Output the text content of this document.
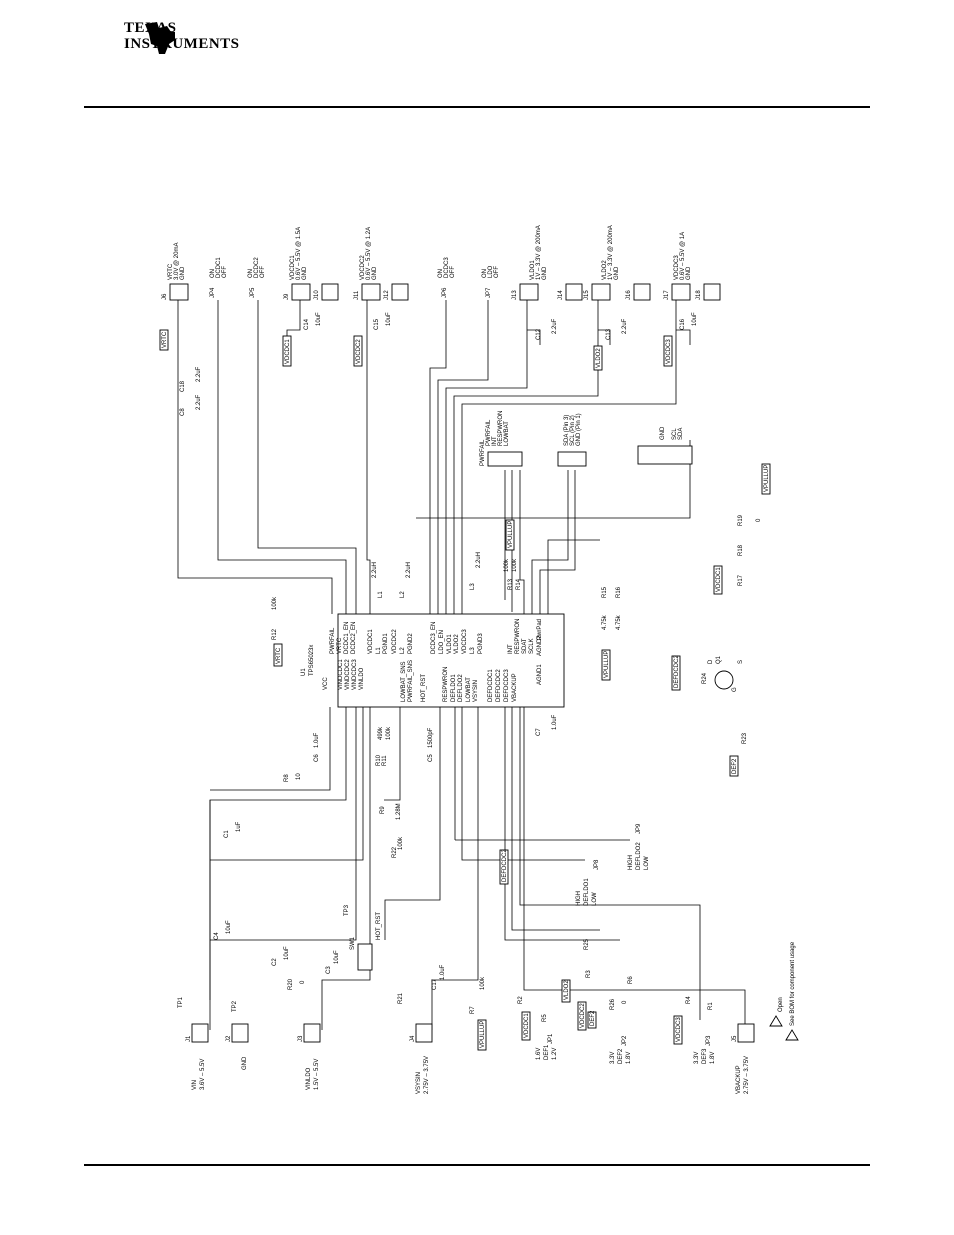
TEXAS
INSTRUMENTS
U1 TPS65023x
VCC VINDCDC1 VINDCDC2 VINDCDC3 VINLDO
PWRFAIL VRTC DCDC1_EN DCDC2_EN VDCDC1 L1 PGND1 VDCDC2 L2 PGND2	DCDC3_EN LDO_EN VLDO1 VLDO2 VDCDC3 L3 PGND3	INT RESPWRON SDAT SCLK
LOWBAT_SNS PWRFAIL_SNS HOT_RST	RESPWRON DEFLDO1 DEFLDO2 LOWBAT VSYSIN DEFDCDC1 DEFDCDC2 DEFDCDC3 VBACKUP	AGND1
AGND2
PwrPad
J6
VRTC 3.0V @ 20mA GND
J9
VDCDC1 0.6V – 5.5V @ 1.5A GND
J11
VDCDC2 0.6V – 5.5V @ 1.2A GND
J13
VLDO1 1V – 3.3V @ 200mA GND
J15
VLDO2 1V – 3.3V @ 200mA GND
J17
VDCDC3 0.6V – 5.5V @ 1A GND
J10	J12	J14	J16	J18
JP4
ON DCDC1 OFF
JP5
ON DCDC2 OFF
JP6
ON DCDC3 OFF
JP7
ON LDO OFF
VRTC	VDCDC1	VDCDC2	VLDO2	VDCDC3
VPULLUP
VPULLUP
VRTC	DEFDCDC2
DEF2
DEFDCDC2
VPULLUP
VPULLUP
VDCDC1
VDCDC1	VDCDC2
VDCDC3
VLDO2
DEF2
2.2uH
L1
2.2uH
L2
2.2uH
L3
PWRFAIL
PWRFAIL INT RESPWRON LOWBAT	SDA (Pin 3) SCL (Pin 2) GND (Pin 1)	GND SCL SDA
C18
2.2uF
C8
2.2uF
C14 10uF	C15 10uF
C12
2.2uF
C13
2.2uF	C16 10uF
C6
1.0uF
C5
1500pF	C7
1.0uF
C1
1uF
C4
10uF
C2
10uF
C3
10uF
C17
1.0uF
R12
100k
R13
100k
R14
100k
R15
4.75k
R16
4.75k
R8 10
R9 1.28M
R10
499k
R11
100k
R22
100k
R20 0
R7
100k
R19 0
R18
R17
R25
R3
R6
R26 0
R2
R5
R4
R1
R21
R23
R24
J1
VIN 3.6V – 5.5V
J2
GND
J3
VINLDO 1.5V – 5.5V
J4
VSYSIN 2.75V – 3.75V
J5
VBACKUP 2.75V – 3.75V
TP1	TP2
TP3
SW1
HOT_RST
Q1
D
G
S
JP8
HIGH DEFLDO1 LOW
JP9
HIGH DEFLDO2 LOW
DEF1
JP1
1.6V 1.2V	DEF2
JP2
3.3V 1.8V	DEF3
JP3
3.3V 1.8V
Open See BOM for component usage
